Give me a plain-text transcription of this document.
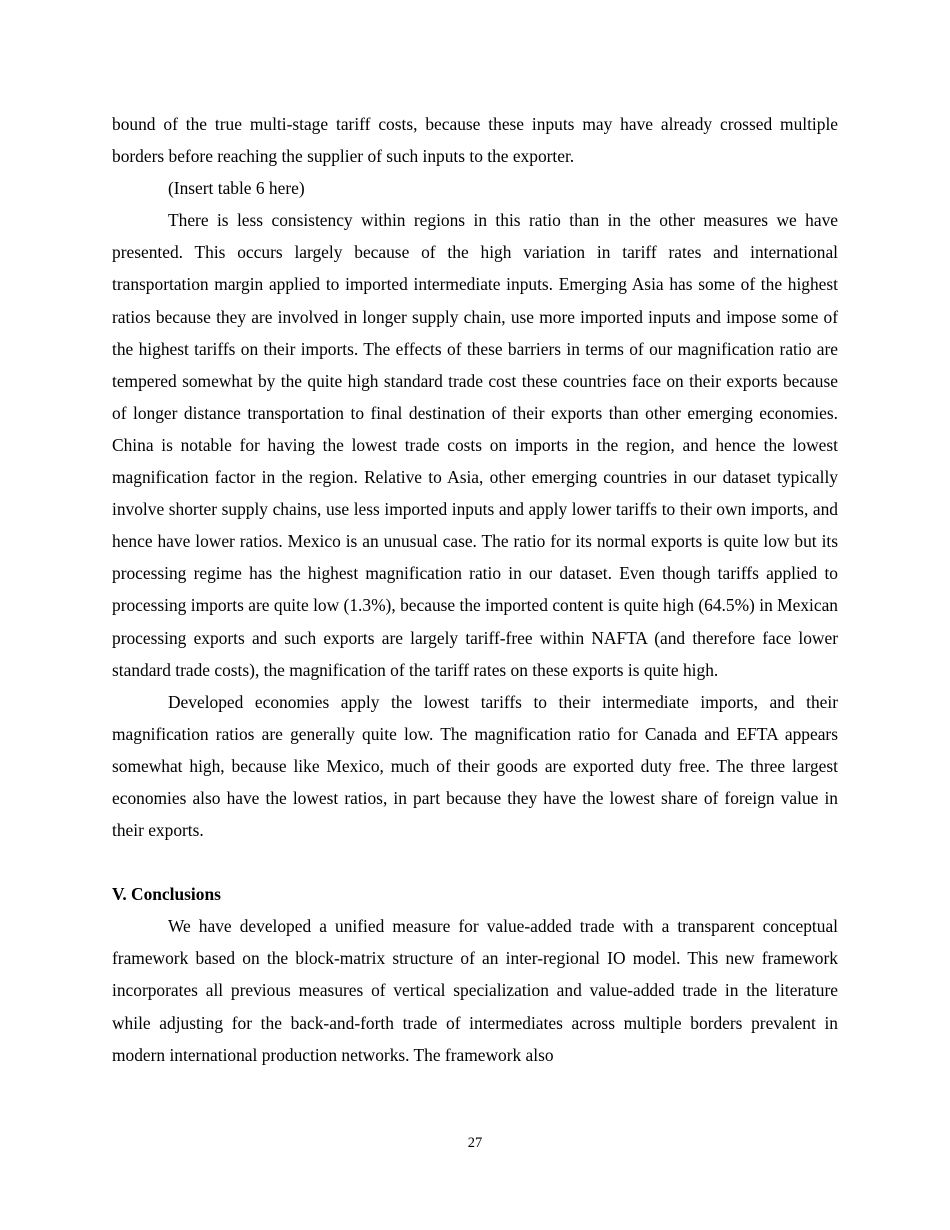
bound of the true multi-stage tariff costs, because these inputs may have already crossed multiple borders before reaching the supplier of such inputs to the exporter.

(Insert table 6 here)

There is less consistency within regions in this ratio than in the other measures we have presented. This occurs largely because of the high variation in tariff rates and international transportation margin applied to imported intermediate inputs. Emerging Asia has some of the highest ratios because they are involved in longer supply chain, use more imported inputs and impose some of the highest tariffs on their imports. The effects of these barriers in terms of our magnification ratio are tempered somewhat by the quite high standard trade cost these countries face on their exports because of longer distance transportation to final destination of their exports than other emerging economies. China is notable for having the lowest trade costs on imports in the region, and hence the lowest magnification factor in the region. Relative to Asia, other emerging countries in our dataset typically involve shorter supply chains, use less imported inputs and apply lower tariffs to their own imports, and hence have lower ratios. Mexico is an unusual case. The ratio for its normal exports is quite low but its processing regime has the highest magnification ratio in our dataset. Even though tariffs applied to processing imports are quite low (1.3%), because the imported content is quite high (64.5%) in Mexican processing exports and such exports are largely tariff-free within NAFTA (and therefore face lower standard trade costs), the magnification of the tariff rates on these exports is quite high.

Developed economies apply the lowest tariffs to their intermediate imports, and their magnification ratios are generally quite low. The magnification ratio for Canada and EFTA appears somewhat high, because like Mexico, much of their goods are exported duty free. The three largest economies also have the lowest ratios, in part because they have the lowest share of foreign value in their exports.

V. Conclusions

We have developed a unified measure for value-added trade with a transparent conceptual framework based on the block-matrix structure of an inter-regional IO model. This new framework incorporates all previous measures of vertical specialization and value-added trade in the literature while adjusting for the back-and-forth trade of intermediates across multiple borders prevalent in modern international production networks. The framework also

27
